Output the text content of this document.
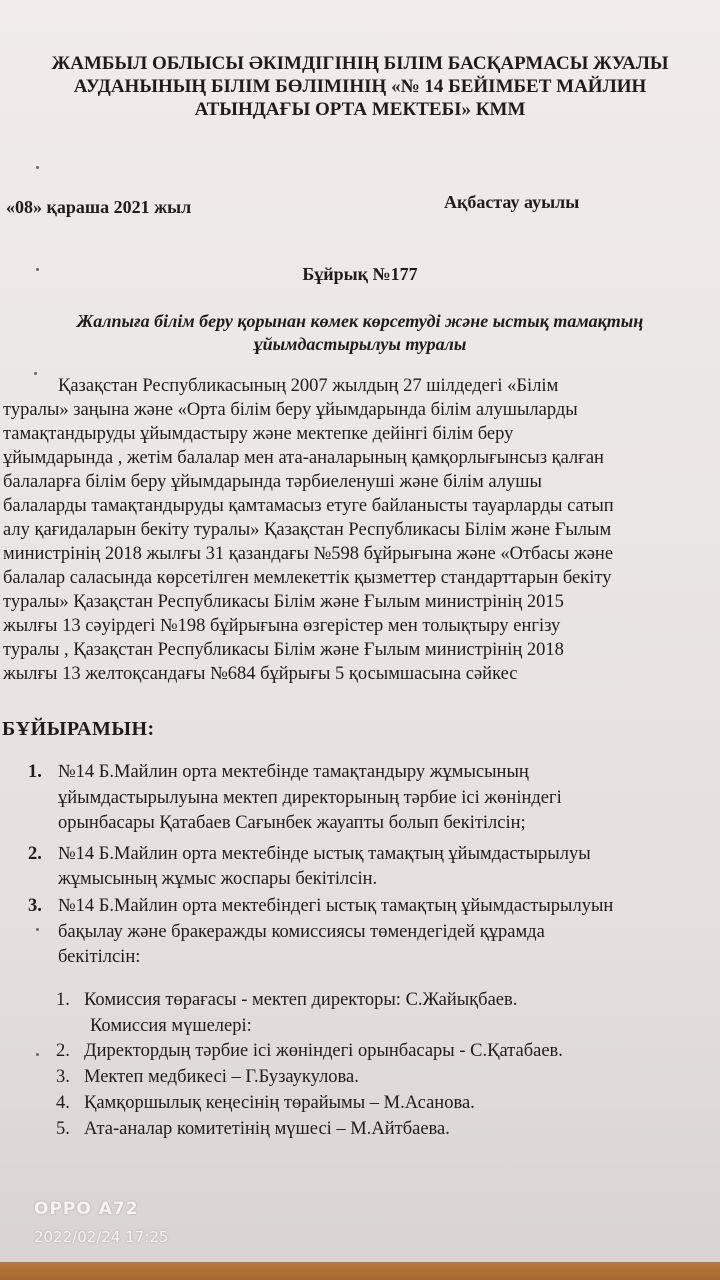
ЖАМБЫЛ ОБЛЫСЫ ӘКІМДІГІНІҢ БІЛІМ БАСҚАРМАСЫ ЖУАЛЫ
АУДАНЫНЫҢ БІЛІМ БӨЛІМІНІҢ «№ 14 БЕЙІМБЕТ МАЙЛИН
АТЫНДАҒЫ ОРТА МЕКТЕБІ» КММ
«08» қараша 2021 жыл	Ақбастау ауылы
Бұйрық №177
Жалпыға білім беру қорынан көмек көрсетуді және ыстық тамақтың
ұйымдастырылуы туралы
Қазақстан Республикасының 2007 жылдың 27 шілдедегі «Білім
туралы» заңына және «Орта білім беру ұйымдарында білім алушыларды
тамақтандыруды ұйымдастыру және мектепке дейінгі білім беру
ұйымдарында , жетім балалар мен ата-аналарының қамқорлығынсыз қалған
балаларға білім беру ұйымдарында тәрбиеленуші және білім алушы
балаларды тамақтандыруды қамтамасыз етуге байланысты тауарларды сатып
алу қағидаларын бекіту туралы» Қазақстан Республикасы Білім және Ғылым
министрінің 2018 жылғы 31 қазандағы №598 бұйрығына және «Отбасы және
балалар саласында көрсетілген мемлекеттік қызметтер стандарттарын бекіту
туралы» Қазақстан Республикасы Білім және Ғылым министрінің 2015
жылғы 13 сәуірдегі №198 бұйрығына өзгерістер мен толықтыру енгізу
туралы , Қазақстан Республикасы Білім және Ғылым министрінің 2018
жылғы 13 желтоқсандағы №684 бұйрығы 5 қосымшасына сәйкес
БҰЙЫРАМЫН:
1. №14 Б.Майлин орта мектебінде тамақтандыру жұмысының
ұйымдастырылуына мектеп директорының тәрбие ісі жөніндегі
орынбасары Қатабаев Сағынбек жауапты болып бекітілсін;
2. №14 Б.Майлин орта мектебінде ыстық тамақтың ұйымдастырылуы
жұмысының жұмыс жоспары бекітілсін.
3. №14 Б.Майлин орта мектебіндегі ыстық тамақтың ұйымдастырылуын
бақылау және бракеражды комиссиясы төмендегідей құрамда
бекітілсін:
1. Комиссия төрағасы - мектеп директоры: С.Жайықбаев.
Комиссия мүшелері:
2. Директордың тәрбие ісі жөніндегі орынбасары - С.Қатабаев.
3. Мектеп медбикесі – Г.Бузаукулова.
4. Қамқоршылық кеңесінің төрайымы – М.Асанова.
5. Ата-аналар комитетінің мүшесі – М.Айтбаева.
OPPO A72
2022/02/24 17:25
